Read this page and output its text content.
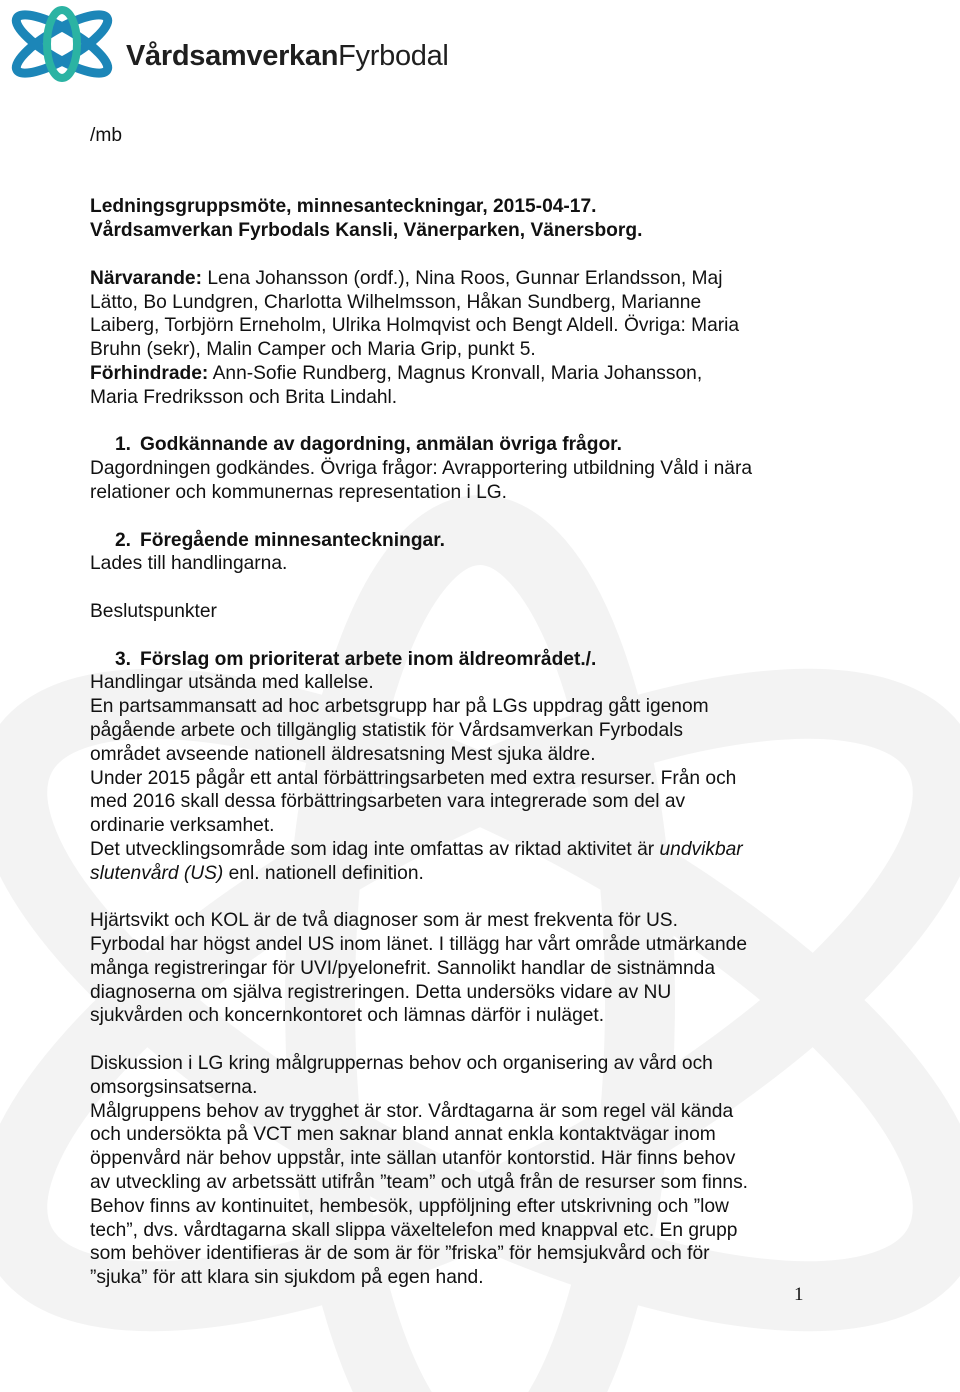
VårdsamverkanFyrbodal

/mb

Ledningsgruppsmöte, minnesanteckningar, 2015-04-17.

Vårdsamverkan Fyrbodals Kansli, Vänerparken, Vänersborg.

Närvarande: Lena Johansson (ordf.), Nina Roos, Gunnar Erlandsson, Maj

Lätto, Bo Lundgren, Charlotta Wilhelmsson, Håkan Sundberg, Marianne

Laiberg, Torbjörn Erneholm, Ulrika Holmqvist och Bengt Aldell. Övriga: Maria

Bruhn (sekr), Malin Camper och Maria Grip, punkt 5.

Förhindrade: Ann-Sofie Rundberg, Magnus Kronvall, Maria Johansson,

Maria Fredriksson och Brita Lindahl.

1. Godkännande av dagordning, anmälan övriga frågor.

Dagordningen godkändes. Övriga frågor: Avrapportering utbildning Våld i nära

relationer och kommunernas representation i LG.

2. Föregående minnesanteckningar.

Lades till handlingarna.

Beslutspunkter

3. Förslag om prioriterat arbete inom äldreområdet./.

Handlingar utsända med kallelse.

En partsammansatt ad hoc arbetsgrupp har på LGs uppdrag gått igenom

pågående arbete och tillgänglig statistik för Vårdsamverkan Fyrbodals

området avseende nationell äldresatsning Mest sjuka äldre.

Under 2015 pågår ett antal förbättringsarbeten med extra resurser. Från och

med 2016 skall dessa förbättringsarbeten vara integrerade som del av

ordinarie verksamhet.

Det utvecklingsområde som idag inte omfattas av riktad aktivitet är undvikbar

slutenvård (US) enl. nationell definition.

Hjärtsvikt och KOL är de två diagnoser som är mest frekventa för US.

Fyrbodal har högst andel US inom länet. I tillägg har vårt område utmärkande

många registreringar för UVI/pyelonefrit. Sannolikt handlar de sistnämnda

diagnoserna om själva registreringen. Detta undersöks vidare av NU

sjukvården och koncernkontoret och lämnas därför i nuläget.

Diskussion i LG kring målgruppernas behov och organisering av vård och

omsorgsinsatserna.

Målgruppens behov av trygghet är stor. Vårdtagarna är som regel väl kända

och undersökta på VCT men saknar bland annat enkla kontaktvägar inom

öppenvård när behov uppstår, inte sällan utanför kontorstid. Här finns behov

av utveckling av arbetssätt utifrån ”team” och utgå från de resurser som finns.

Behov finns av kontinuitet, hembesök, uppföljning efter utskrivning och ”low

tech”, dvs. vårdtagarna skall slippa växeltelefon med knappval etc. En grupp

som behöver identifieras är de som är för ”friska” för hemsjukvård och för

”sjuka” för att klara sin sjukdom på egen hand.

1
